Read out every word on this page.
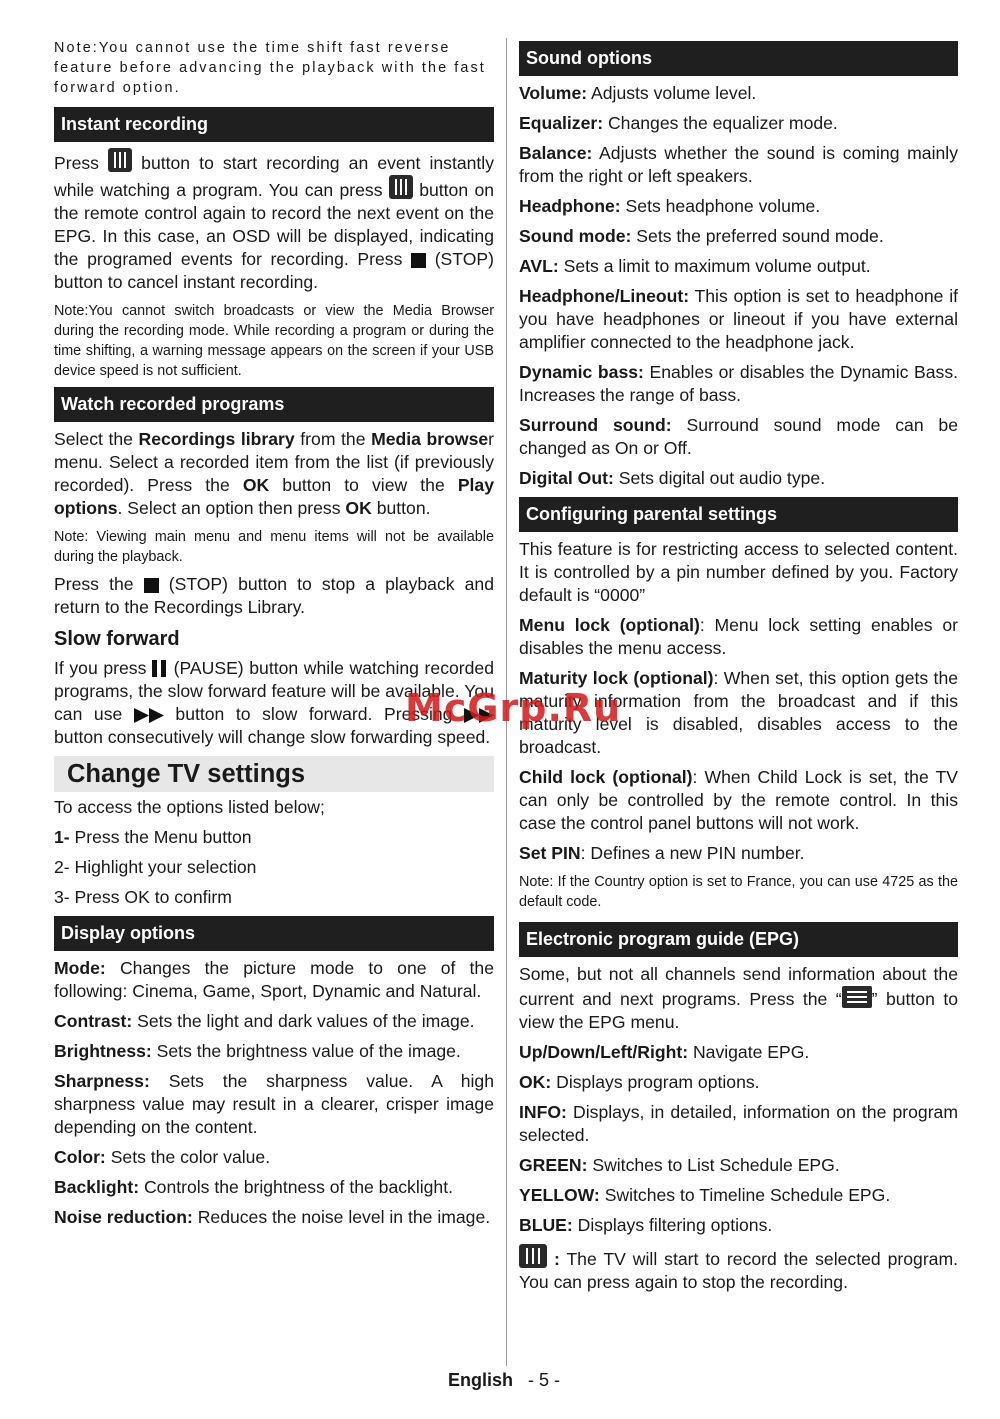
Note:You cannot use the time shift fast reverse feature before advancing the playback with the fast forward option.

Instant recording

Press button to start recording an event instantly while watching a program. You can press button on the remote control again to record the next event on the EPG. In this case, an OSD will be displayed, indicating the programed events for recording. Press (STOP) button to cancel instant recording.

Note:You cannot switch broadcasts or view the Media Browser during the recording mode. While recording a program or during the time shifting, a warning message appears on the screen if your USB device speed is not sufficient.

Watch recorded programs

Select the Recordings library from the Media browser menu. Select a recorded item from the list (if previously recorded). Press the OK button to view the Play options. Select an option then press OK button.

Note: Viewing main menu and menu items will not be available during the playback.

Press the (STOP) button to stop a playback and return to the Recordings Library.

Slow forward

If you press (PAUSE) button while watching recorded programs, the slow forward feature will be available. You can use	button to slow forward. Pressing  button consecutively will change slow forwarding speed.

Change TV settings

To access the options listed below;

1- Press the Menu button

2- Highlight your selection

3- Press OK to confirm

Display options

Mode: Changes the picture mode to one of the following: Cinema, Game, Sport, Dynamic and Natural.

Contrast: Sets the light and dark values of the image.

Brightness: Sets the brightness value of the image.

Sharpness: Sets the sharpness value. A high sharpness value may result in a clearer, crisper image depending on the content.

Color: Sets the color value.

Backlight: Controls the brightness of the backlight.

Noise reduction: Reduces the noise level in the image.

Sound options

Volume: Adjusts volume level.

Equalizer: Changes the equalizer mode.

Balance: Adjusts whether the sound is coming mainly from the right or left speakers.

Headphone: Sets headphone volume.

Sound mode: Sets the preferred sound mode.

AVL: Sets a limit to maximum volume output.

Headphone/Lineout: This option is set to headphone if you have headphones or lineout if you have external amplifier connected to the headphone jack.

Dynamic bass: Enables or disables the Dynamic Bass. Increases the range of bass.

Surround sound: Surround sound mode can be changed as On or Off.

Digital Out: Sets digital out audio type.

Configuring parental settings

This feature is for restricting access to selected content. It is controlled by a pin number defined by you. Factory default is “0000”

Menu lock (optional): Menu lock setting enables or disables the menu access.

Maturity lock (optional): When set, this option gets the maturity information from the broadcast and if this maturity level is disabled, disables access to the broadcast.

Child lock (optional): When Child Lock is set, the TV can only be controlled by the remote control. In this case the control panel buttons will not work.

Set PIN: Defines a new PIN number.

Note: If the Country option is set to France, you can use 4725 as the default code.

Electronic program guide (EPG)

Some, but not all channels send information about the current and next programs. Press the “ ” button to view the EPG menu.

Up/Down/Left/Right: Navigate EPG.

OK: Displays program options.

INFO: Displays, in detailed, information on the program selected.

GREEN: Switches to List Schedule EPG.

YELLOW: Switches to Timeline Schedule EPG.

BLUE: Displays filtering options.

: The TV will start to record the selected program. You can press again to stop the recording.

McGrp.Ru
English - 5 -
